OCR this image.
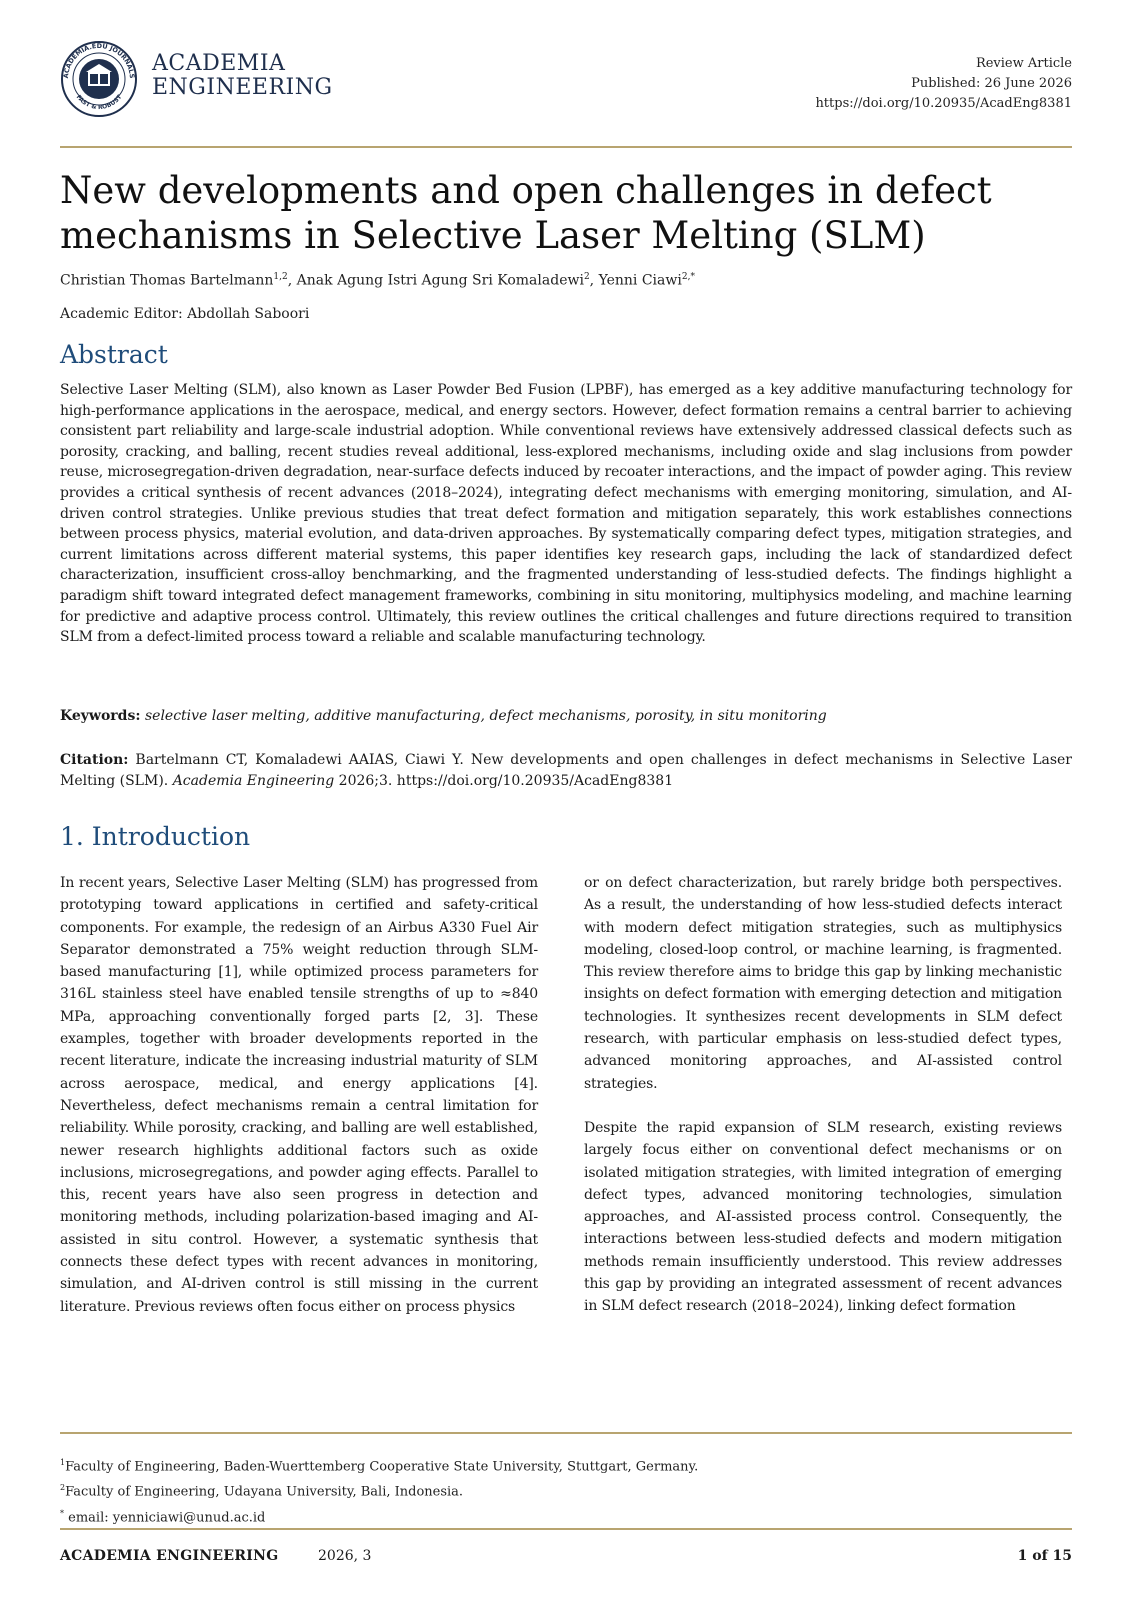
ACADEMIA.EDU JOURNALS
FAST & ROBUST
ACADEMIA
ENGINEERING
Review Article
Published: 26 June 2026
https://doi.org/10.20935/AcadEng8381
New developments and open challenges in defect mechanisms in Selective Laser Melting (SLM)
Christian Thomas Bartelmann$^{1,2}$, Anak Agung Istri Agung Sri Komaladewi$^2$, Yenni Ciawi$^{2,*}$
Academic Editor: Abdollah Saboori
Abstract

Selective Laser Melting (SLM), also known as Laser Powder Bed Fusion (LPBF), has emerged as a key additive manufacturing technology for high-performance applications in the aerospace, medical, and energy sectors. However, defect formation remains a central barrier to achieving consistent part reliability and large-scale industrial adoption. While conventional reviews have extensively addressed classical defects such as porosity, cracking, and balling, recent studies reveal additional, less-explored mechanisms, including oxide and slag inclusions from powder reuse, microsegregation-driven degradation, near-surface defects induced by recoater interactions, and the impact of powder aging. This review provides a critical synthesis of recent advances (2018–2024), integrating defect mechanisms with emerging monitoring, simulation, and AI-driven control strategies. Unlike previous studies that treat defect formation and mitigation separately, this work establishes connections between process physics, material evolution, and data-driven approaches. By systematically comparing defect types, mitigation strategies, and current limitations across different material systems, this paper identifies key research gaps, including the lack of standardized defect characterization, insufficient cross-alloy benchmarking, and the fragmented understanding of less-studied defects. The findings highlight a paradigm shift toward integrated defect management frameworks, combining in situ monitoring, multiphysics modeling, and machine learning for predictive and adaptive process control. Ultimately, this review outlines the critical challenges and future directions required to transition SLM from a defect-limited process toward a reliable and scalable manufacturing technology.

Keywords: selective laser melting, additive manufacturing, defect mechanisms, porosity, in situ monitoring

Citation: Bartelmann CT, Komaladewi AAIAS, Ciawi Y. New developments and open challenges in defect mechanisms in Selective Laser Melting (SLM). Academia Engineering 2026;3. https://doi.org/10.20935/AcadEng8381

1. Introduction

In recent years, Selective Laser Melting (SLM) has progressed from prototyping toward applications in certified and safety-critical components. For example, the redesign of an Airbus A330 Fuel Air Separator demonstrated a 75% weight reduction through SLM-based manufacturing [1], while optimized process parameters for 316L stainless steel have enabled tensile strengths of up to ≈840 MPa, approaching conventionally forged parts [2, 3]. These examples, together with broader developments reported in the recent literature, indicate the increasing industrial maturity of SLM across aerospace, medical, and energy applications [4]. Nevertheless, defect mechanisms remain a central limitation for reliability. While porosity, cracking, and balling are well established, newer research highlights additional factors such as oxide inclusions, microsegregations, and powder aging effects. Parallel to this, recent years have also seen progress in detection and monitoring methods, including polarization-based imaging and AI-assisted in situ control. However, a systematic synthesis that connects these defect types with recent advances in monitoring, simulation, and AI-driven control is still missing in the current literature. Previous reviews often focus either on process physics

or on defect characterization, but rarely bridge both perspectives. As a result, the understanding of how less-studied defects interact with modern defect mitigation strategies, such as multiphysics modeling, closed-loop control, or machine learning, is fragmented. This review therefore aims to bridge this gap by linking mechanistic insights on defect formation with emerging detection and mitigation technologies. It synthesizes recent developments in SLM defect research, with particular emphasis on less-studied defect types, advanced monitoring approaches, and AI-assisted control strategies.

Despite the rapid expansion of SLM research, existing reviews largely focus either on conventional defect mechanisms or on isolated mitigation strategies, with limited integration of emerging defect types, advanced monitoring technologies, simulation approaches, and AI-assisted process control. Consequently, the interactions between less-studied defects and modern mitigation methods remain insufficiently understood. This review addresses this gap by providing an integrated assessment of recent advances in SLM defect research (2018–2024), linking defect formation

$^1$Faculty of Engineering, Baden-Wuerttemberg Cooperative State University, Stuttgart, Germany.
$^2$Faculty of Engineering, Udayana University, Bali, Indonesia.
* email: yenniciawi@unud.ac.id
ACADEMIA ENGINEERING	2026, 3	1 of 15
